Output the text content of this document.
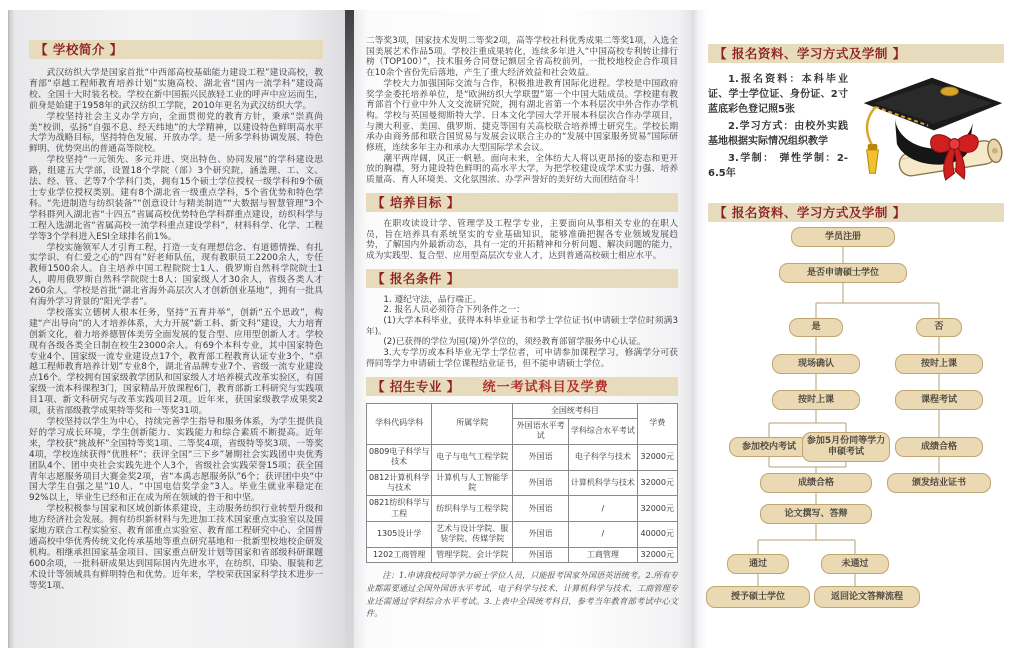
【 学校简介 】

武汉纺织大学是国家首批“中西部高校基础能力建设工程”建设高校，教育部“卓越工程师教育培养计划”实施高校、湖北省“国内一流学科”建设高校、全国十大时装名校。学校在新中国振兴民族轻工业的呼声中应运而生，前身是始建于1958年的武汉纺织工学院，2010年更名为武汉纺织大学。

学校坚持社会主义办学方向，全面贯彻党的教育方针，秉承“崇真尚美”校训，弘扬“自强不息、经天纬地”的大学精神，以建设特色鲜明高水平大学为战略目标，坚持特色发展、开放办学。是一所多学科协调发展、特色鲜明、优势突出的普通高等院校。

学校坚持“一元领先、多元并进、突出特色、协同发展”的学科建设思路，组建五大学部，设置18个学院（部）3个研究院，涵盖理、工、文、法、经、管、艺等7个学科门类，拥有15个硕士学位授权一级学科和9个硕士专业学位授权类别。建有8个湖北省一级重点学科，5个省优势和特色学科。“先进制造与纺织装备”“创意设计与精美制造”“大数据与智慧管理”3个学科群列入湖北省“十四五”省属高校优势特色学科群重点建设，纺织科学与工程入选湖北省“省属高校一流学科重点建设学科”，材料科学、化学、工程学等3个学科进入ESI全球排名前1%。

学校实施领军人才引育工程，打造一支有理想信念、有道德情操、有扎实学识、有仁爱之心的“四有”好老师队伍，现有教职员工2200余人，专任教师1500余人。自主培养中国工程院院士1人、俄罗斯自然科学院院士1人，聘用俄罗斯自然科学院院士8人；国家级人才30余人，省级各类人才260余人。学校是首批“湖北省海外高层次人才创新创业基地”，拥有一批具有海外学习背景的“阳光学者”。

学校落实立德树人根本任务，坚持“五育并举”，创新“五个思政”，构建“产出导向”的人才培养体系，大力开展“新工科、新文科”建设，大力培育创新文化，着力培养德智体美劳全面发展的复合型、应用型创新人才。学校现有各级各类全日制在校生23000余人。有69个本科专业，其中国家特色专业4个、国家级一流专业建设点17个，教育部工程教育认证专业3个、“卓越工程师教育培养计划”专业8个，湖北省品牌专业7个、省级一流专业建设点16个。学校拥有国家级教学团队和国家级人才培养模式改革实验区，有国家级一流本科课程3门，国家精品开放课程6门，教育部新工科研究与实践项目1项、新文科研究与改革实践项目2项。近年来，获国家级教学成果奖2项，获省部级教学成果特等奖和一等奖31项。

学校坚持以学生为中心，持续完善学生指导和服务体系，为学生提供良好的学习成长环境，学生创新能力、实践能力和综合素质不断提高。近年来，学校获“挑战杯”全国特等奖1项、二等奖4项，省级特等奖3项、一等奖4项，学校连续获得“优胜杯”；获评全国“三下乡”暑期社会实践团中央优秀团队4个、团中央社会实践先进个人3个，省级社会实践荣誉15项；获全国青年志愿服务项目大赛金奖2项，省“本禹志愿服务队”6个；获评团中央“中国大学生自强之星”10人、“中国电信奖学金”3人。毕业生就业率稳定在92%以上，毕业生已经和正在成为所在领域的骨干和中坚。

学校积极参与国家和区域创新体系建设，主动服务纺织行业转型升级和地方经济社会发展。拥有纺织新材料与先进加工技术国家重点实验室以及国家地方联合工程实验室、教育部重点实验室、教育部工程研究中心、全国普通高校中华优秀传统文化传承基地等重点研究基地和一批新型校地校企研发机构。相继承担国家基金项目、国家重点研发计划等国家和省部级科研课题600余项，一批科研成果达到国际国内先进水平，在纺织、印染、服装和艺术设计等领域具有鲜明特色和优势。近年来，学校荣获国家科学技术进步一等奖1项、

二等奖3项，国家技术发明二等奖2项，高等学校社科优秀成果二等奖1项，入选全国美展艺术作品5项。学校注重成果转化，连续多年进入“中国高校专利转让排行榜（TOP100）”，技术服务合同登记额居全省高校前列，一批校地校企合作项目在10余个省份先后落地，产生了重大经济效益和社会效益。

学校大力加强国际交流与合作，积极推进教育国际化进程。学校是中国政府奖学金委托培养单位，是“欧洲纺织大学联盟”第一个中国大陆成员。学校建有教育部首个行业中外人文交流研究院，拥有湖北省第一个本科层次中外合作办学机构。学校与英国曼彻斯特大学、日本文化学园大学开展本科层次合作办学项目，与澳大利亚、美国、俄罗斯、捷克等国有关高校联合培养博士研究生。学校长期承办由商务部和联合国贸易与发展会议联合主办的“发展中国家服务贸易”国际研修班，连续多年主办和承办大型国际学术会议。

潮平两岸阔，风正一帆悬。面向未来，全体纺大人将以更昂扬的姿态和更开放的胸襟，努力建设特色鲜明的高水平大学，为把学校建设成学术实力强、培养质量高、育人环境美、文化氛围浓、办学声誉好的美好纺大而团结奋斗！

【 培养目标 】

在职攻读设计学、管理学及工程学专业，主要面向从事相关专业的在职人员，旨在培养具有系统坚实的专业基础知识，能够准确把握各专业领域发展趋势，了解国内外最新动态，具有一定的开拓精神和分析问题、解决问题的能力，成为实践型、复合型、应用型高层次专业人才，达到普通高校硕士相应水平。

【 报名条件 】

1. 遵纪守法，品行端正。

2. 报名人员必须符合下列条件之一：

(1)大学本科毕业，获得本科毕业证书和学士学位证书(申请硕士学位时须满3年)。

(2)已获得的学位为国(境)外学位的，须经教育部留学服务中心认证。

3.大专学历或本科毕业无学士学位者，可申请参加课程学习，修满学分可获得同等学力申请硕士学位课程结业证书，但不能申请硕士学位。

【 招生专业 】 统一考试科目及学费
学科代码学科	所属学院	全国统考科目		学费
		外国语水平考试	学科综合水平考试	
0809电子科学与技术	电子与电气工程学院	外国语	电子科学与技术	32000元
0812计算机科学与技术	计算机与人工智能学院	外国语	计算机科学与技术	32000元
0821纺织科学与工程	纺织科学与工程学院	外国语	/	32000元
1305设计学	艺术与设计学院、服装学院、传媒学院	外国语	/	40000元
1202工商管理	管理学院、会计学院	外国语	工商管理	32000元
注：1.申请我校同等学力硕士学位人员，只能报考国家外国语英语统考。2.所有专业都需要通过全国外国语水平考试，电子科学与技术、计算机科学与技术、工商管理专业还需通过学科综合水平考试。3.上表中全国统考科目，参考当年教育部考试中心文件。
【 报名资料、学习方式及学制 】

1.报名资料：本科毕业证、学士学位证、身份证、2寸蓝底彩色登记照5张

2.学习方式：由校外实践基地根据实际情况组织教学

3.学制： 弹性学制：2-6.5年

【 报名资料、学习方式及学制 】
学员注册
是否申请硕士学位
是	否
现场确认	按时上课
按时上课	课程考试
参加校内考试
参加5月份同等学力申硕考试
成绩合格
成绩合格	颁发结业证书
论文撰写、答辩
通过	未通过
授予硕士学位	返回论文答辩流程
